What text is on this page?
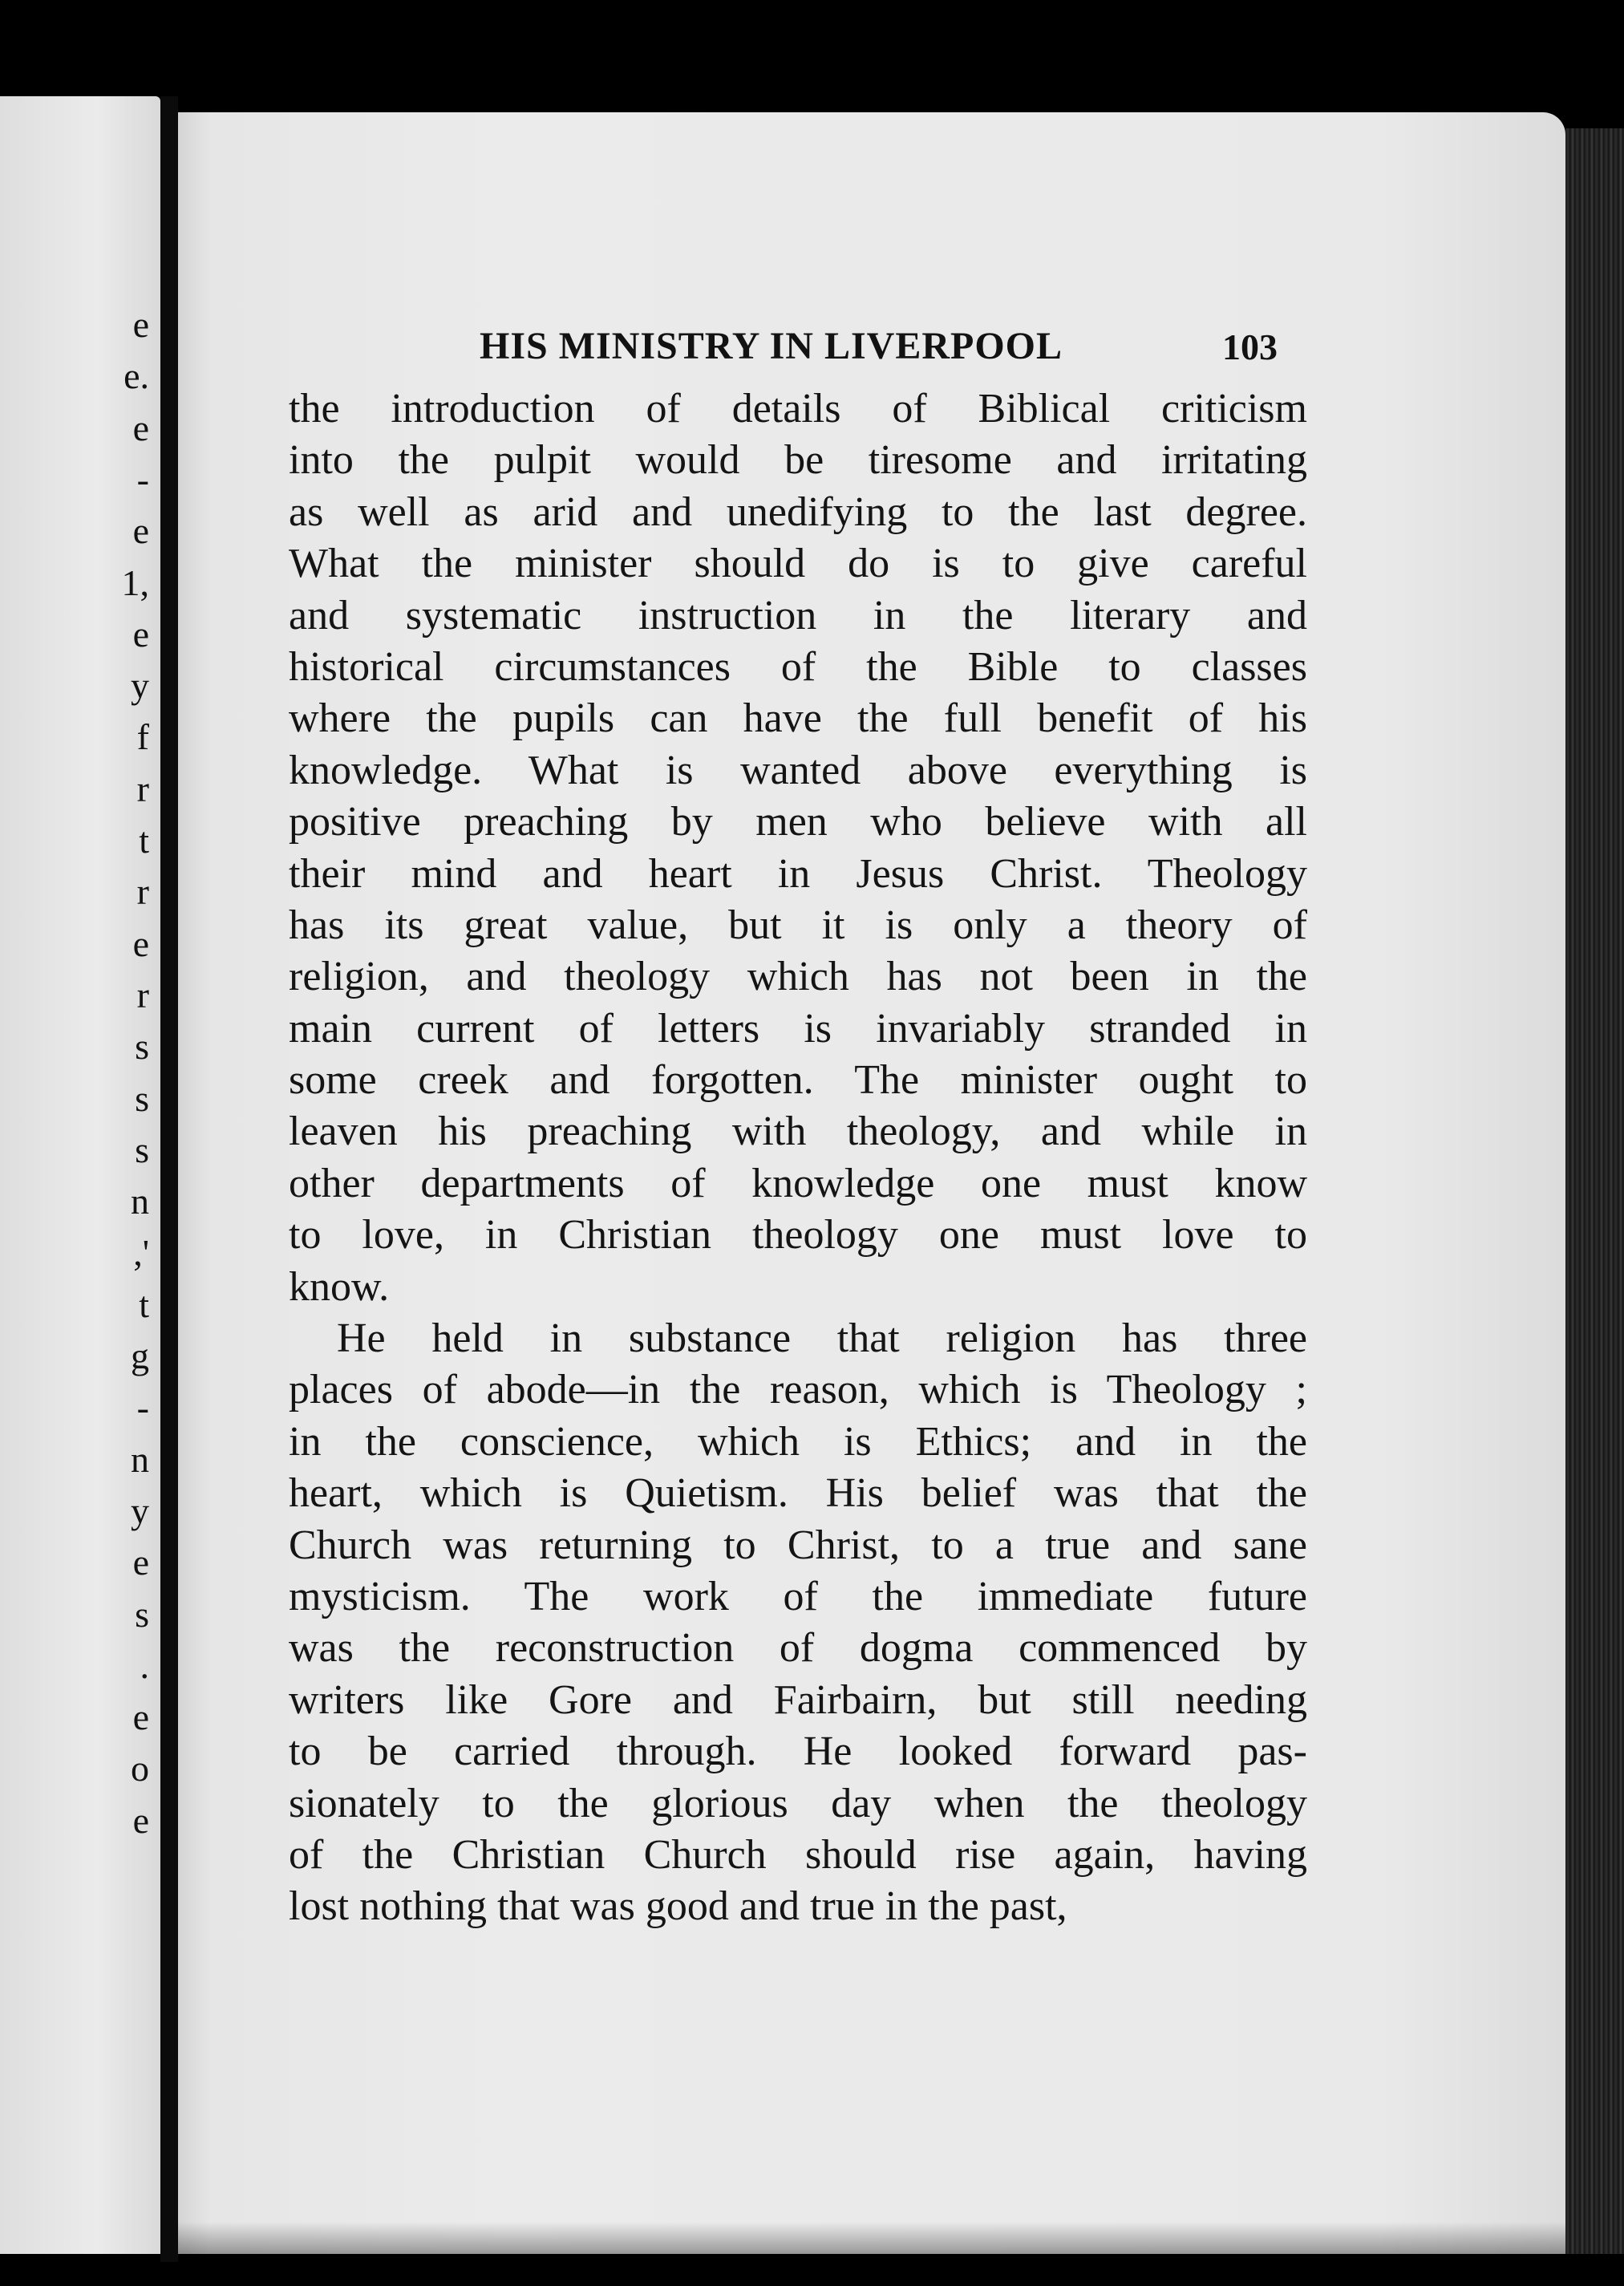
e
e.
e
-
e
1,
e
y
f
r
t
r
e
r
s
s
s
n
,'
t
g
-
n
y
e
s
.
e
o
e
HIS MINISTRY IN LIVERPOOL	103
the introduction of details of Biblical criticism
into the pulpit would be tiresome and irritating
as well as arid and unedifying to the last degree.
What the minister should do is to give careful
and systematic instruction in the literary and
historical circumstances of the Bible to classes
where the pupils can have the full benefit of his
knowledge. What is wanted above everything is
positive preaching by men who believe with all
their mind and heart in Jesus Christ. Theology
has its great value, but it is only a theory of
religion, and theology which has not been in the
main current of letters is invariably stranded in
some creek and forgotten. The minister ought to
leaven his preaching with theology, and while in
other departments of knowledge one must know
to love, in Christian theology one must love to
know.
He held in substance that religion has three
places of abode—in the reason, which is Theology ;
in the conscience, which is Ethics; and in the
heart, which is Quietism. His belief was that the
Church was returning to Christ, to a true and sane
mysticism. The work of the immediate future
was the reconstruction of dogma commenced by
writers like Gore and Fairbairn, but still needing
to be carried through. He looked forward pas-
sionately to the glorious day when the theology
of the Christian Church should rise again, having
lost nothing that was good and true in the past,
